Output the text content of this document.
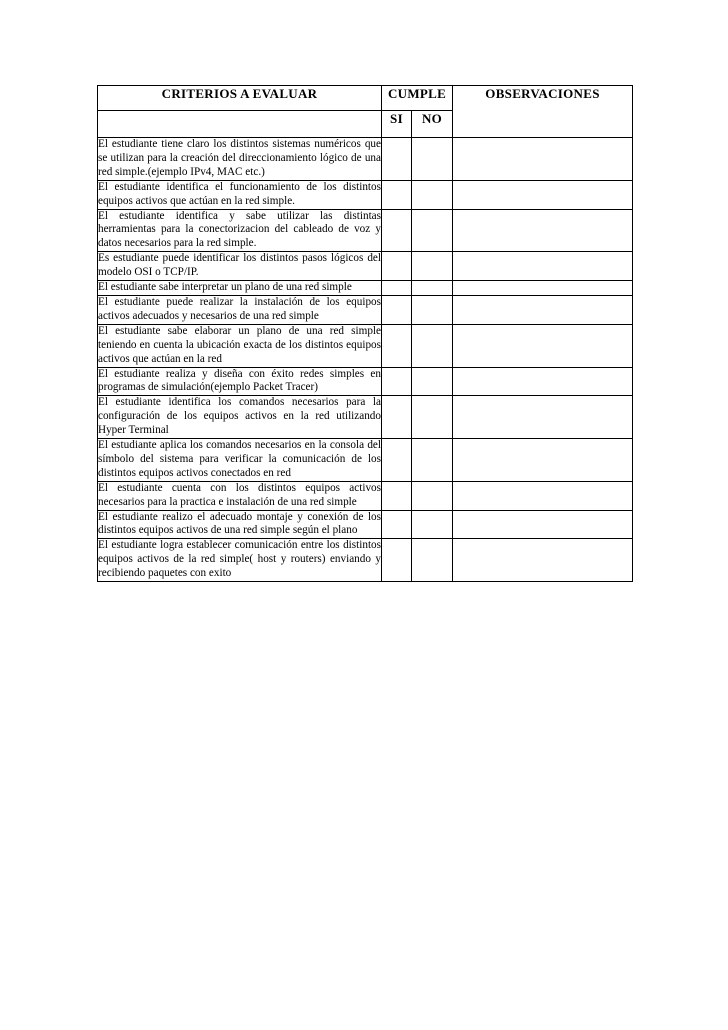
CRITERIOS A EVALUAR	CUMPLE		OBSERVACIONES
	SI	NO	
El estudiante tiene claro los distintos sistemas numéricos que se utilizan para la creación del direccionamiento lógico de una red simple.(ejemplo IPv4, MAC etc.)			
El estudiante identifica el funcionamiento de los distintos equipos activos que actúan en la red simple.			
El estudiante identifica y sabe utilizar las distintas herramientas para la conectorizacion del cableado de voz y datos necesarios para la red simple.			
Es estudiante puede identificar los distintos pasos lógicos del modelo OSI o TCP/IP.			
El estudiante sabe interpretar un plano de una red simple			
El estudiante puede realizar la instalación de los equipos activos adecuados y necesarios de una red simple			
El estudiante sabe elaborar un plano de una red simple teniendo en cuenta la ubicación exacta de los distintos equipos activos que actúan en la red			
El estudiante realiza y diseña con éxito redes simples en programas de simulación(ejemplo Packet Tracer)			
El estudiante identifica los comandos necesarios para la configuración de los equipos activos en la red utilizando Hyper Terminal			
El estudiante aplica los comandos necesarios en la consola del símbolo del sistema para verificar la comunicación de los distintos equipos activos conectados en red			
El estudiante cuenta con los distintos equipos activos necesarios para la practica e instalación de una red simple			
El estudiante realizo el adecuado montaje y conexión de los distintos equipos activos de una red simple según el plano			
El estudiante logra establecer comunicación entre los distintos equipos activos de la red simple( host y routers) enviando y recibiendo paquetes con exito			
